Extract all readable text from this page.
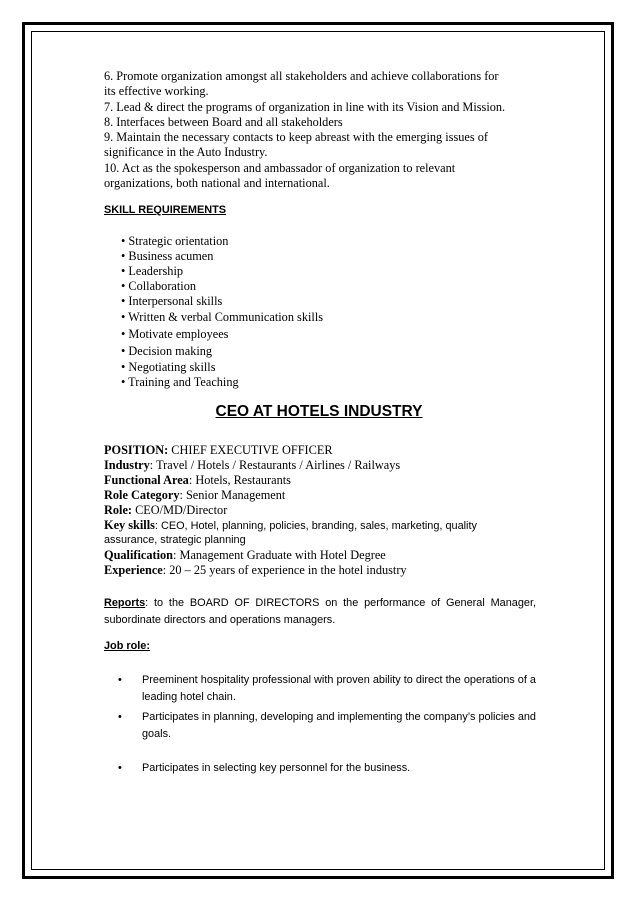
6. Promote organization amongst all stakeholders and achieve collaborations for
its effective working.
7. Lead & direct the programs of organization in line with its Vision and Mission.
8. Interfaces between Board and all stakeholders
9. Maintain the necessary contacts to keep abreast with the emerging issues of
significance in the Auto Industry.
10. Act as the spokesperson and ambassador of organization to relevant
organizations, both national and international.
SKILL REQUIREMENTS
• Strategic orientation
• Business acumen
• Leadership
• Collaboration
• Interpersonal skills
• Written & verbal Communication skills
• Motivate employees
• Decision making
• Negotiating skills
• Training and Teaching
CEO AT HOTELS INDUSTRY
POSITION: CHIEF EXECUTIVE OFFICER
Industry: Travel / Hotels / Restaurants / Airlines / Railways
Functional Area: Hotels, Restaurants
Role Category: Senior Management
Role: CEO/MD/Director
Key skills: CEO, Hotel, planning, policies, branding, sales, marketing, quality
assurance, strategic planning
Qualification: Management Graduate with Hotel Degree
Experience: 20 – 25 years of experience in the hotel industry
Reports: to the BOARD OF DIRECTORS on the performance of General Manager, subordinate directors and operations managers.
Job role:
• Preeminent hospitality professional with proven ability to direct the operations of a leading hotel chain.
• Participates in planning, developing and implementing the company’s policies and goals.
• Participates in selecting key personnel for the business.
